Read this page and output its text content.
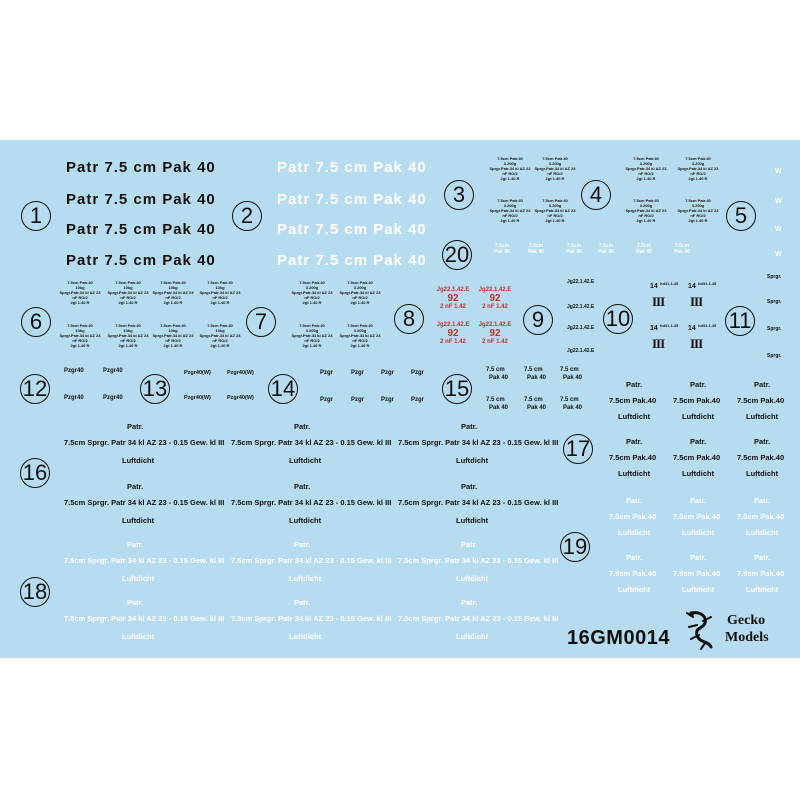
1	2
3	4
5
6	7	8	9	10	11
12	13	14	15
16
17
18
19
20
Patr 7.5 cm Pak 40	Patr 7.5 cm Pak 40
Patr 7.5 cm Pak 40	Patr 7.5 cm Pak 40
Patr 7.5 cm Pak 40	Patr 7.5 cm Pak 40
Patr 7.5 cm Pak 40	Patr 7.5 cm Pak 40
7.5cm Patr.40
3.200g
Sprgr.Patr.34 kl AZ 23
nF RO/2
2gt 1.40 R
7.5cm Patr.40
3.200g
Sprgr.Patr.34 kl AZ 23
nF RO/2
2gt 1.40 R
7.5cm Patr.40
3.200g
Sprgr.Patr.34 kl AZ 23
nF RO/2
2gt 1.40 R
7.5cm Patr.40
3.200g
Sprgr.Patr.34 kl AZ 23
nF RO/2
2gt 1.40 R
7.5cm Patr.40
3.200g
Sprgr.Patr.34 kl AZ 23
nF RO/2
2gt 1.40 R
7.5cm Patr.40
3.200g
Sprgr.Patr.34 kl AZ 23
nF RO/2
2gt 1.40 R
7.5cm Patr.40
3.200g
Sprgr.Patr.34 kl AZ 23
nF RO/2
2gt 1.40 R
7.5cm Patr.40
3.200g
Sprgr.Patr.34 kl AZ 23
nF RO/2
2gt 1.40 R
7.5cm Patr.40
10kg
Sprgr.Patr.34 kl AZ 23
nF RO/2
2gt 1.40 R
7.5cm Patr.40
10kg
Sprgr.Patr.34 kl AZ 23
nF RO/2
2gt 1.40 R
7.5cm Patr.40
10kg
Sprgr.Patr.34 kl AZ 23
nF RO/2
2gt 1.40 R
7.5cm Patr.40
10kg
Sprgr.Patr.34 kl AZ 23
nF RO/2
2gt 1.40 R
7.5cm Patr.40
10kg
Sprgr.Patr.34 kl AZ 23
nF RO/2
2gt 1.40 R
7.5cm Patr.40
10kg
Sprgr.Patr.34 kl AZ 23
nF RO/2
2gt 1.40 R
7.5cm Patr.40
10kg
Sprgr.Patr.34 kl AZ 23
nF RO/2
2gt 1.40 R
7.5cm Patr.40
10kg
Sprgr.Patr.34 kl AZ 23
nF RO/2
2gt 1.40 R
7.5cm Patr.40
3.200g
Sprgr.Patr.34 kl AZ 23
nF RO/2
2gt 1.40 R
7.5cm Patr.40
3.200g
Sprgr.Patr.34 kl AZ 23
nF RO/2
2gt 1.40 R
7.5cm Patr.40
3.200g
Sprgr.Patr.34 kl AZ 23
nF RO/2
2gt 1.40 R
7.5cm Patr.40
3.200g
Sprgr.Patr.34 kl AZ 23
nF RO/2
2gt 1.40 R
W
W
W
W
7.5cm
Pak 40
7.5cm
Pak 40
7.5cm
Pak 40
7.5cm
Pak 40
7.5cm
Pak 40
7.5cm
Pak 40
Jg22.1.42.E
92
2 nF 1.42
Jg22.1.42.E
92
2 nF 1.42
Jg22.1.42.E
92
2 nF 1.42
Jg22.1.42.E
92
2 nF 1.42
Jg22.1.42.E
Jg22.1.42.E
Jg22.1.42.E
Jg22.1.42.E
14 hd31.1.45
III
14 hd31.1.45
III
14 hd31.1.45
III
14 hd31.1.45
III
Sprgr.
Sprgr.
Sprgr.
Sprgr.
Pzgr40	Pzgr40
Pzgr40	Pzgr40
Pzgr40(W)	Pzgr40(W)
Pzgr40(W)	Pzgr40(W)
Pzgr	Pzgr	Pzgr	Pzgr
Pzgr	Pzgr	Pzgr	Pzgr
7.5 cm
Pak 40
7.5 cm
Pak 40
7.5 cm
Pak 40
7.5 cm
Pak 40
7.5 cm
Pak 40
7.5 cm
Pak 40
Patr.
7.5cm Sprgr. Patr 34 kl AZ 23 - 0.15 Gew. kl III
Luftdicht
Patr.
7.5cm Sprgr. Patr 34 kl AZ 23 - 0.15 Gew. kl III
Luftdicht
Patr.
7.5cm Sprgr. Patr 34 kl AZ 23 - 0.15 Gew. kl III
Luftdicht
Patr.
7.5cm Sprgr. Patr 34 kl AZ 23 - 0.15 Gew. kl III
Luftdicht
Patr.
7.5cm Sprgr. Patr 34 kl AZ 23 - 0.15 Gew. kl III
Luftdicht
Patr.
7.5cm Sprgr. Patr 34 kl AZ 23 - 0.15 Gew. kl III
Luftdicht
Patr.
7.5cm Sprgr. Patr 34 kl AZ 23 - 0.15 Gew. kl III
Luftdicht
Patr.
7.5cm Sprgr. Patr 34 kl AZ 23 - 0.15 Gew. kl III
Luftdicht
Patr.
7.5cm Sprgr. Patr 34 kl AZ 23 - 0.15 Gew. kl III
Luftdicht
Patr.
7.5cm Sprgr. Patr 34 kl AZ 23 - 0.15 Gew. kl III
Luftdicht
Patr.
7.5cm Sprgr. Patr 34 kl AZ 23 - 0.15 Gew. kl III
Luftdicht
Patr.
7.5cm Sprgr. Patr 34 kl AZ 23 - 0.15 Gew. kl III
Luftdicht
Patr.
7.5cm Pak.40
Luftdicht
Patr.
7.5cm Pak.40
Luftdicht
Patr.
7.5cm Pak.40
Luftdicht
Patr.
7.5cm Pak.40
Luftdicht
Patr.
7.5cm Pak.40
Luftdicht
Patr.
7.5cm Pak.40
Luftdicht
Patr.
7.5cm Pak.40
Luftdicht
Patr.
7.5cm Pak.40
Luftdicht
Patr.
7.5cm Pak.40
Luftdicht
Patr.
7.5cm Pak.40
Luftdicht
Patr.
7.5cm Pak.40
Luftdicht
Patr.
7.5cm Pak.40
Luftdicht
16GM0014
Gecko
Models
